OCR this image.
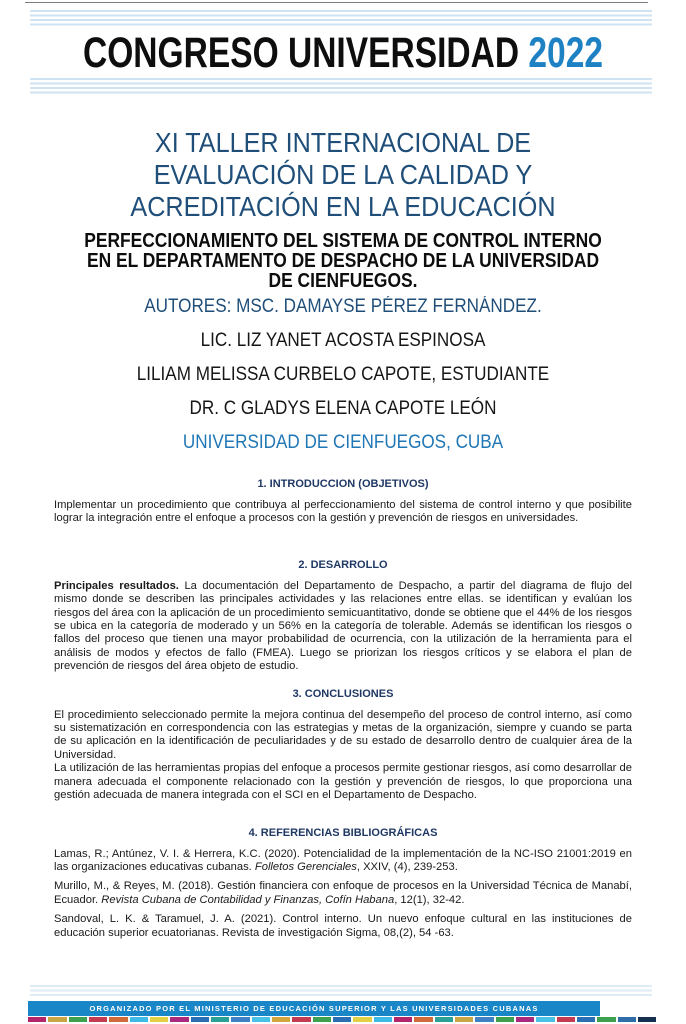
CONGRESO UNIVERSIDAD 2022
XI TALLER INTERNACIONAL DE
EVALUACIÓN DE LA CALIDAD Y
ACREDITACIÓN EN LA EDUCACIÓN
PERFECCIONAMIENTO DEL SISTEMA DE CONTROL INTERNO
EN EL DEPARTAMENTO DE DESPACHO DE LA UNIVERSIDAD
DE CIENFUEGOS.
AUTORES: MSC. DAMAYSE PÉREZ FERNÁNDEZ.
LIC. LIZ YANET ACOSTA ESPINOSA
LILIAM MELISSA CURBELO CAPOTE, ESTUDIANTE
DR. C GLADYS ELENA CAPOTE LEÓN
UNIVERSIDAD DE CIENFUEGOS, CUBA
1. INTRODUCCION (OBJETIVOS)

Implementar un procedimiento que contribuya al perfeccionamiento del sistema de control interno y que posibilite lograr la integración entre el enfoque a procesos con la gestión y prevención de riesgos en universidades.

2. DESARROLLO

Principales resultados. La documentación del Departamento de Despacho, a partir del diagrama de flujo del mismo donde se describen las principales actividades y las relaciones entre ellas. se identifican y evalúan los riesgos del área con la aplicación de un procedimiento semicuantitativo, donde se obtiene que el 44% de los riesgos se ubica en la categoría de moderado y un 56% en la categoría de tolerable. Además se identifican los riesgos o fallos del proceso que tienen una mayor probabilidad de ocurrencia, con la utilización de la herramienta para el análisis de modos y efectos de fallo (FMEA). Luego se priorizan los riesgos críticos y se elabora el plan de prevención de riesgos del área objeto de estudio.

3. CONCLUSIONES

El procedimiento seleccionado permite la mejora continua del desempeño del proceso de control interno, así como su sistematización en correspondencia con las estrategias y metas de la organización, siempre y cuando se parta de su aplicación en la identificación de peculiaridades y de su estado de desarrollo dentro de cualquier área de la Universidad.

La utilización de las herramientas propias del enfoque a procesos permite gestionar riesgos, así como desarrollar de manera adecuada el componente relacionado con la gestión y prevención de riesgos, lo que proporciona una gestión adecuada de manera integrada con el SCI en el Departamento de Despacho.

4. REFERENCIAS BIBLIOGRÁFICAS

Lamas, R.; Antúnez, V. I. & Herrera, K.C. (2020). Potencialidad de la implementación de la NC-ISO 21001:2019 en las organizaciones educativas cubanas. Folletos Gerenciales, XXIV, (4), 239-253.

Murillo, M., & Reyes, M. (2018). Gestión financiera con enfoque de procesos en la Universidad Técnica de Manabí, Ecuador. Revista Cubana de Contabilidad y Finanzas, Cofín Habana, 12(1), 32-42.

Sandoval, L. K. & Taramuel, J. A. (2021). Control interno. Un nuevo enfoque cultural en las instituciones de educación superior ecuatorianas. Revista de investigación Sigma, 08,(2), 54 -63.

ORGANIZADO POR EL MINISTERIO DE EDUCACIÓN SUPERIOR Y LAS UNIVERSIDADES CUBANAS
